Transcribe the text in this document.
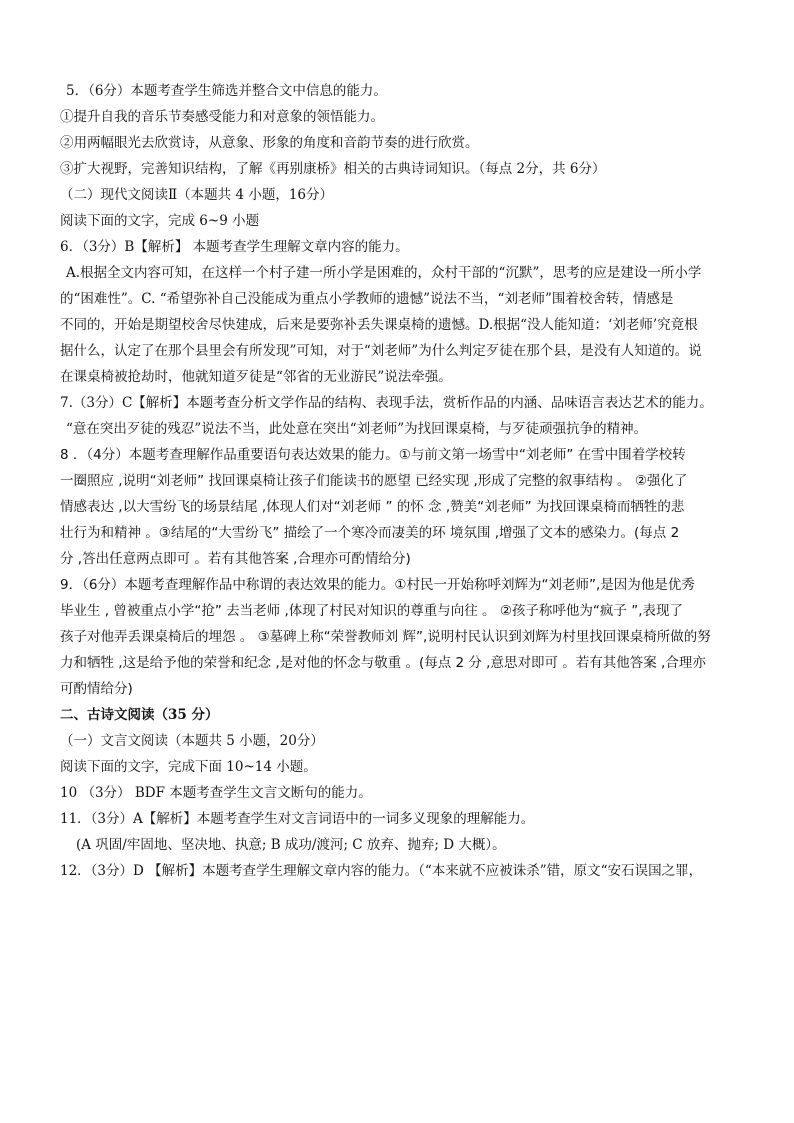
5．（6分）本题考查学生筛选并整合文中信息的能力。
①提升自我的音乐节奏感受能力和对意象的领悟能力。
②用两幅眼光去欣赏诗，从意象、形象的角度和音韵节奏的进行欣赏。
③扩大视野，完善知识结构，了解《再别康桥》相关的古典诗词知识。（每点 2分，共 6分）
（二）现代文阅读Ⅱ（本题共 4 小题，16分）
阅读下面的文字，完成 6~9 小题
6．（3分）B【解析】 本题考查学生理解文章内容的能力。
A.根据全文内容可知，在这样一个村子建一所小学是困难的，众村干部的“沉默”，思考的应是建设一所小学
的“困难性”。C. “希望弥补自己没能成为重点小学教师的遗憾”说法不当，“刘老师”围着校舍转，情感是
不同的，开始是期望校舍尽快建成，后来是要弥补丢失课桌椅的遗憾。D.根据“没人能知道：‘刘老师’究竟根
据什么，认定了在那个县里会有所发现”可知，对于“刘老师”为什么判定歹徒在那个县，是没有人知道的。说
在课桌椅被抢劫时，他就知道歹徒是“邻省的无业游民”说法牵强。
7.（3分）C【解析】本题考查分析文学作品的结构、表现手法，赏析作品的内涵、品味语言表达艺术的能力。
“意在突出歹徒的残忍”说法不当，此处意在突出“刘老师”为找回课桌椅，与歹徒顽强抗争的精神。
8 ．（4分）本题考查理解作品重要语句表达效果的能力。①与前文第一场雪中“刘老师” 在雪中围着学校转
一圈照应 ,说明“刘老师” 找回课桌椅让孩子们能读书的愿望 已经实现 ,形成了完整的叙事结构 。 ②强化了
情感表达 ,以大雪纷飞的场景结尾 ,体现人们对“刘老师 ” 的怀 念 ,赞美“刘老师” 为找回课桌椅而牺牲的悲
壮行为和精神 。③结尾的“大雪纷飞” 描绘了一个寒冷而凄美的环 境氛围 ,增强了文本的感染力。(每点 2
分 ,答出任意两点即可 。若有其他答案 ,合理亦可酌情给分)
9．（6分）本题考查理解作品中称谓的表达效果的能力。①村民一开始称呼刘辉为“刘老师”,是因为他是优秀
毕业生 , 曾被重点小学“抢” 去当老师 ,体现了村民对知识的尊重与向往 。 ②孩子称呼他为“疯子 ”,表现了
孩子对他弄丢课桌椅后的埋怨 。 ③墓碑上称“荣誉教师刘 辉”,说明村民认识到刘辉为村里找回课桌椅所做的努
力和牺牲 ,这是给予他的荣誉和纪念 ,是对他的怀念与敬重 。(每点 2 分 ,意思对即可 。若有其他答案 ,合理亦
可酌情给分)
二、古诗文阅读（35 分）
（一）文言文阅读（本题共 5 小题，20分）
阅读下面的文字，完成下面 10~14 小题。
10 （3分） BDF 本题考查学生文言文断句的能力。
11．（3分）A【解析】本题考查学生对文言词语中的一词多义现象的理解能力。
(A 巩固/牢固地、坚决地、执意; B 成功/渡河; C 放弃、抛弃; D 大概）。
12．（3分）D 【解析】本题考查学生理解文章内容的能力。（“本来就不应被诛杀”错，原文“安石误国之罪，
